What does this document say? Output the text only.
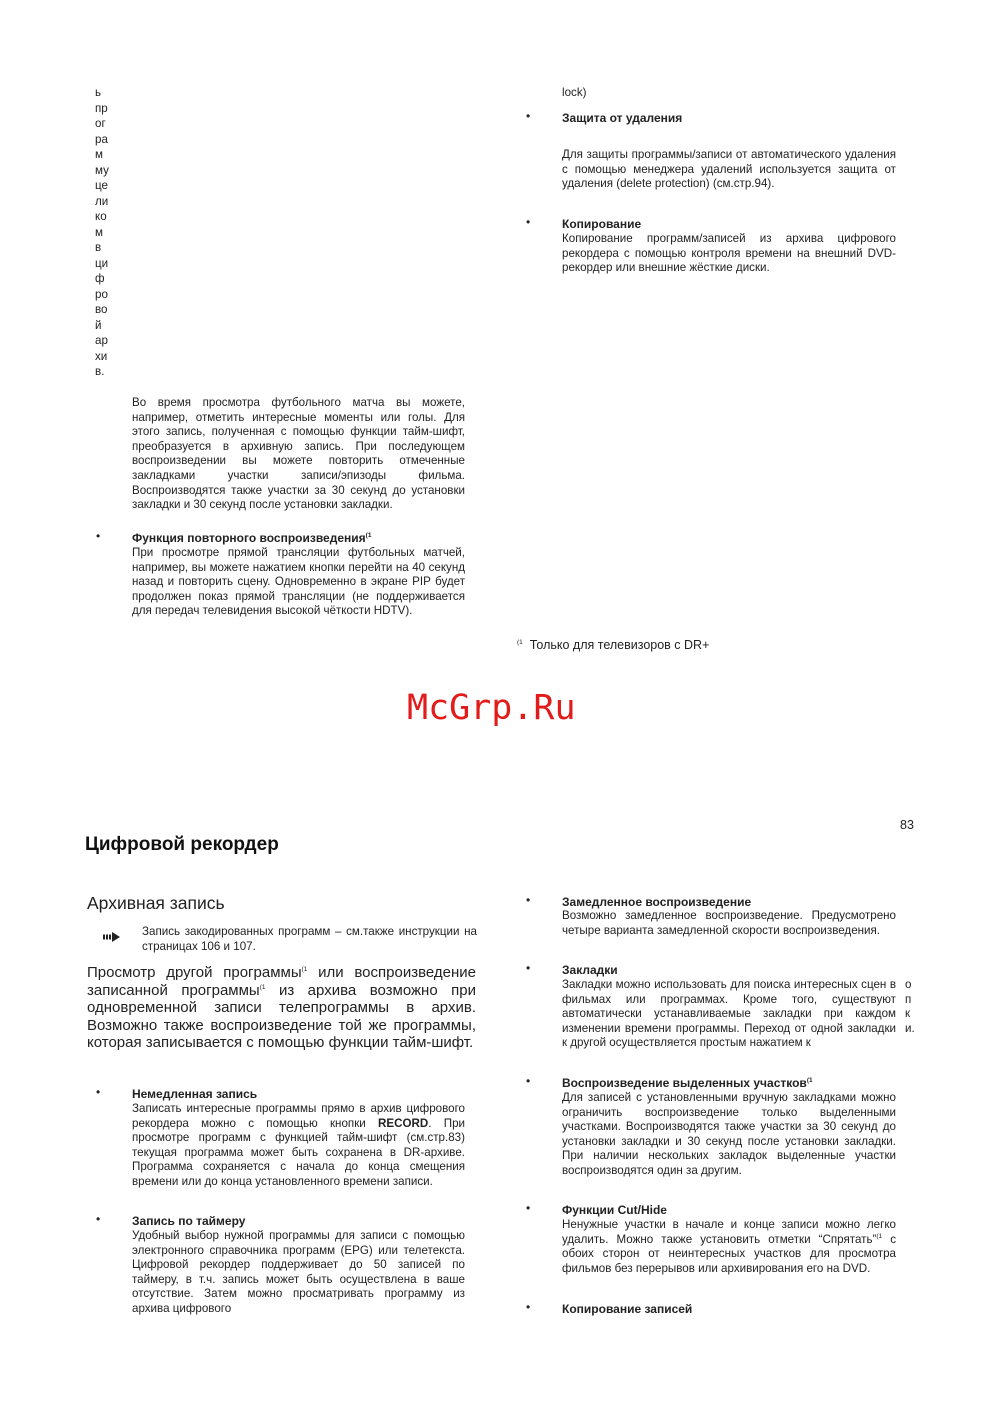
ь
пр
ог
ра
м
му
це
ли
ко
м
в
ци
ф
ро
во
й
ар
хи
в.

Во время просмотра футбольного матча вы можете, например, отметить интересные моменты или голы. Для этого запись, полученная с помощью функции тайм-шифт, преобразуется в архивную запись. При последующем воспроизведении вы можете повторить отмеченные закладками участки записи/эпизоды фильма. Воспроизводятся также участки за 30 секунд до установки закладки и 30 секунд после установки закладки.

•	Функция повторного воспроизведения$^{(1}$

При просмотре прямой трансляции футбольных матчей, например, вы можете нажатием кнопки перейти на 40 секунд назад и повторить сцену. Одновременно в экране PIP будет продолжен показ прямой трансляции (не поддерживается для передач телевидения высокой чёткости HDTV).

lock)

•	Защита от удаления

Для защиты программы/записи от автоматического удаления с помощью менеджера удалений используется защита от удаления (delete protection) (см.стр.94).

•	Копирование

Копирование программ/записей из архива цифрового рекордера с помощью контроля времени на внешний DVD-рекордер или внешние жёсткие диски.

$^{(1}$ Только для телевизоров с DR+

McGrp.Ru
83
Цифровой рекордер
Архивная запись

Запись закодированных программ – см.также инструкции на страницах 106 и 107.

Просмотр другой программы$^{(1}$ или воспроизведение записанной программы$^{(1}$ из архива возможно при одновременной записи телепрограммы в архив. Возможно также воспроизведение той же программы, которая записывается с помощью функции тайм-шифт.

•	Немедленная запись

Записать интересные программы прямо в архив цифрового рекордера можно с помощью кнопки RECORD. При просмотре программ с функцией тайм-шифт (см.стр.83) текущая программа может быть сохранена в DR-архиве. Программа сохраняется с начала до конца смещения времени или до конца установленного времени записи.

•	Запись по таймеру

Удобный выбор нужной программы для записи с помощью электронного справочника программ (EPG) или телетекста. Цифровой рекордер поддерживает до 50 записей по таймеру, в т.ч. запись может быть осуществлена в ваше отсутствие. Затем можно просматривать программу из архива цифрового

•	Замедленное воспроизведение

Возможно замедленное воспроизведение. Предусмотрено четыре варианта замедленной скорости воспроизведения.

•	Закладки

Закладки можно использовать для поиска интересных сцен в фильмах или программах. Кроме того, существуют автоматически устанавливаемые закладки при каждом изменении времени программы. Переход от одной закладки к другой осуществляется простым нажатием к

о
п
к
и.
•	Воспроизведение выделенных участков$^{(1}$

Для записей с установленными вручную закладками можно ограничить воспроизведение только выделенными участками. Воспроизводятся также участки за 30 секунд до установки закладки и 30 секунд после установки закладки. При наличии нескольких закладок выделенные участки воспроизводятся один за другим.

•	Функции Cut/Hide

Ненужные участки в начале и конце записи можно легко удалить. Можно также установить отметки “Спрятать”$^{(1}$ с обоих сторон от неинтересных участков для просмотра фильмов без перерывов или архивирования его на DVD.

•	Копирование записей
